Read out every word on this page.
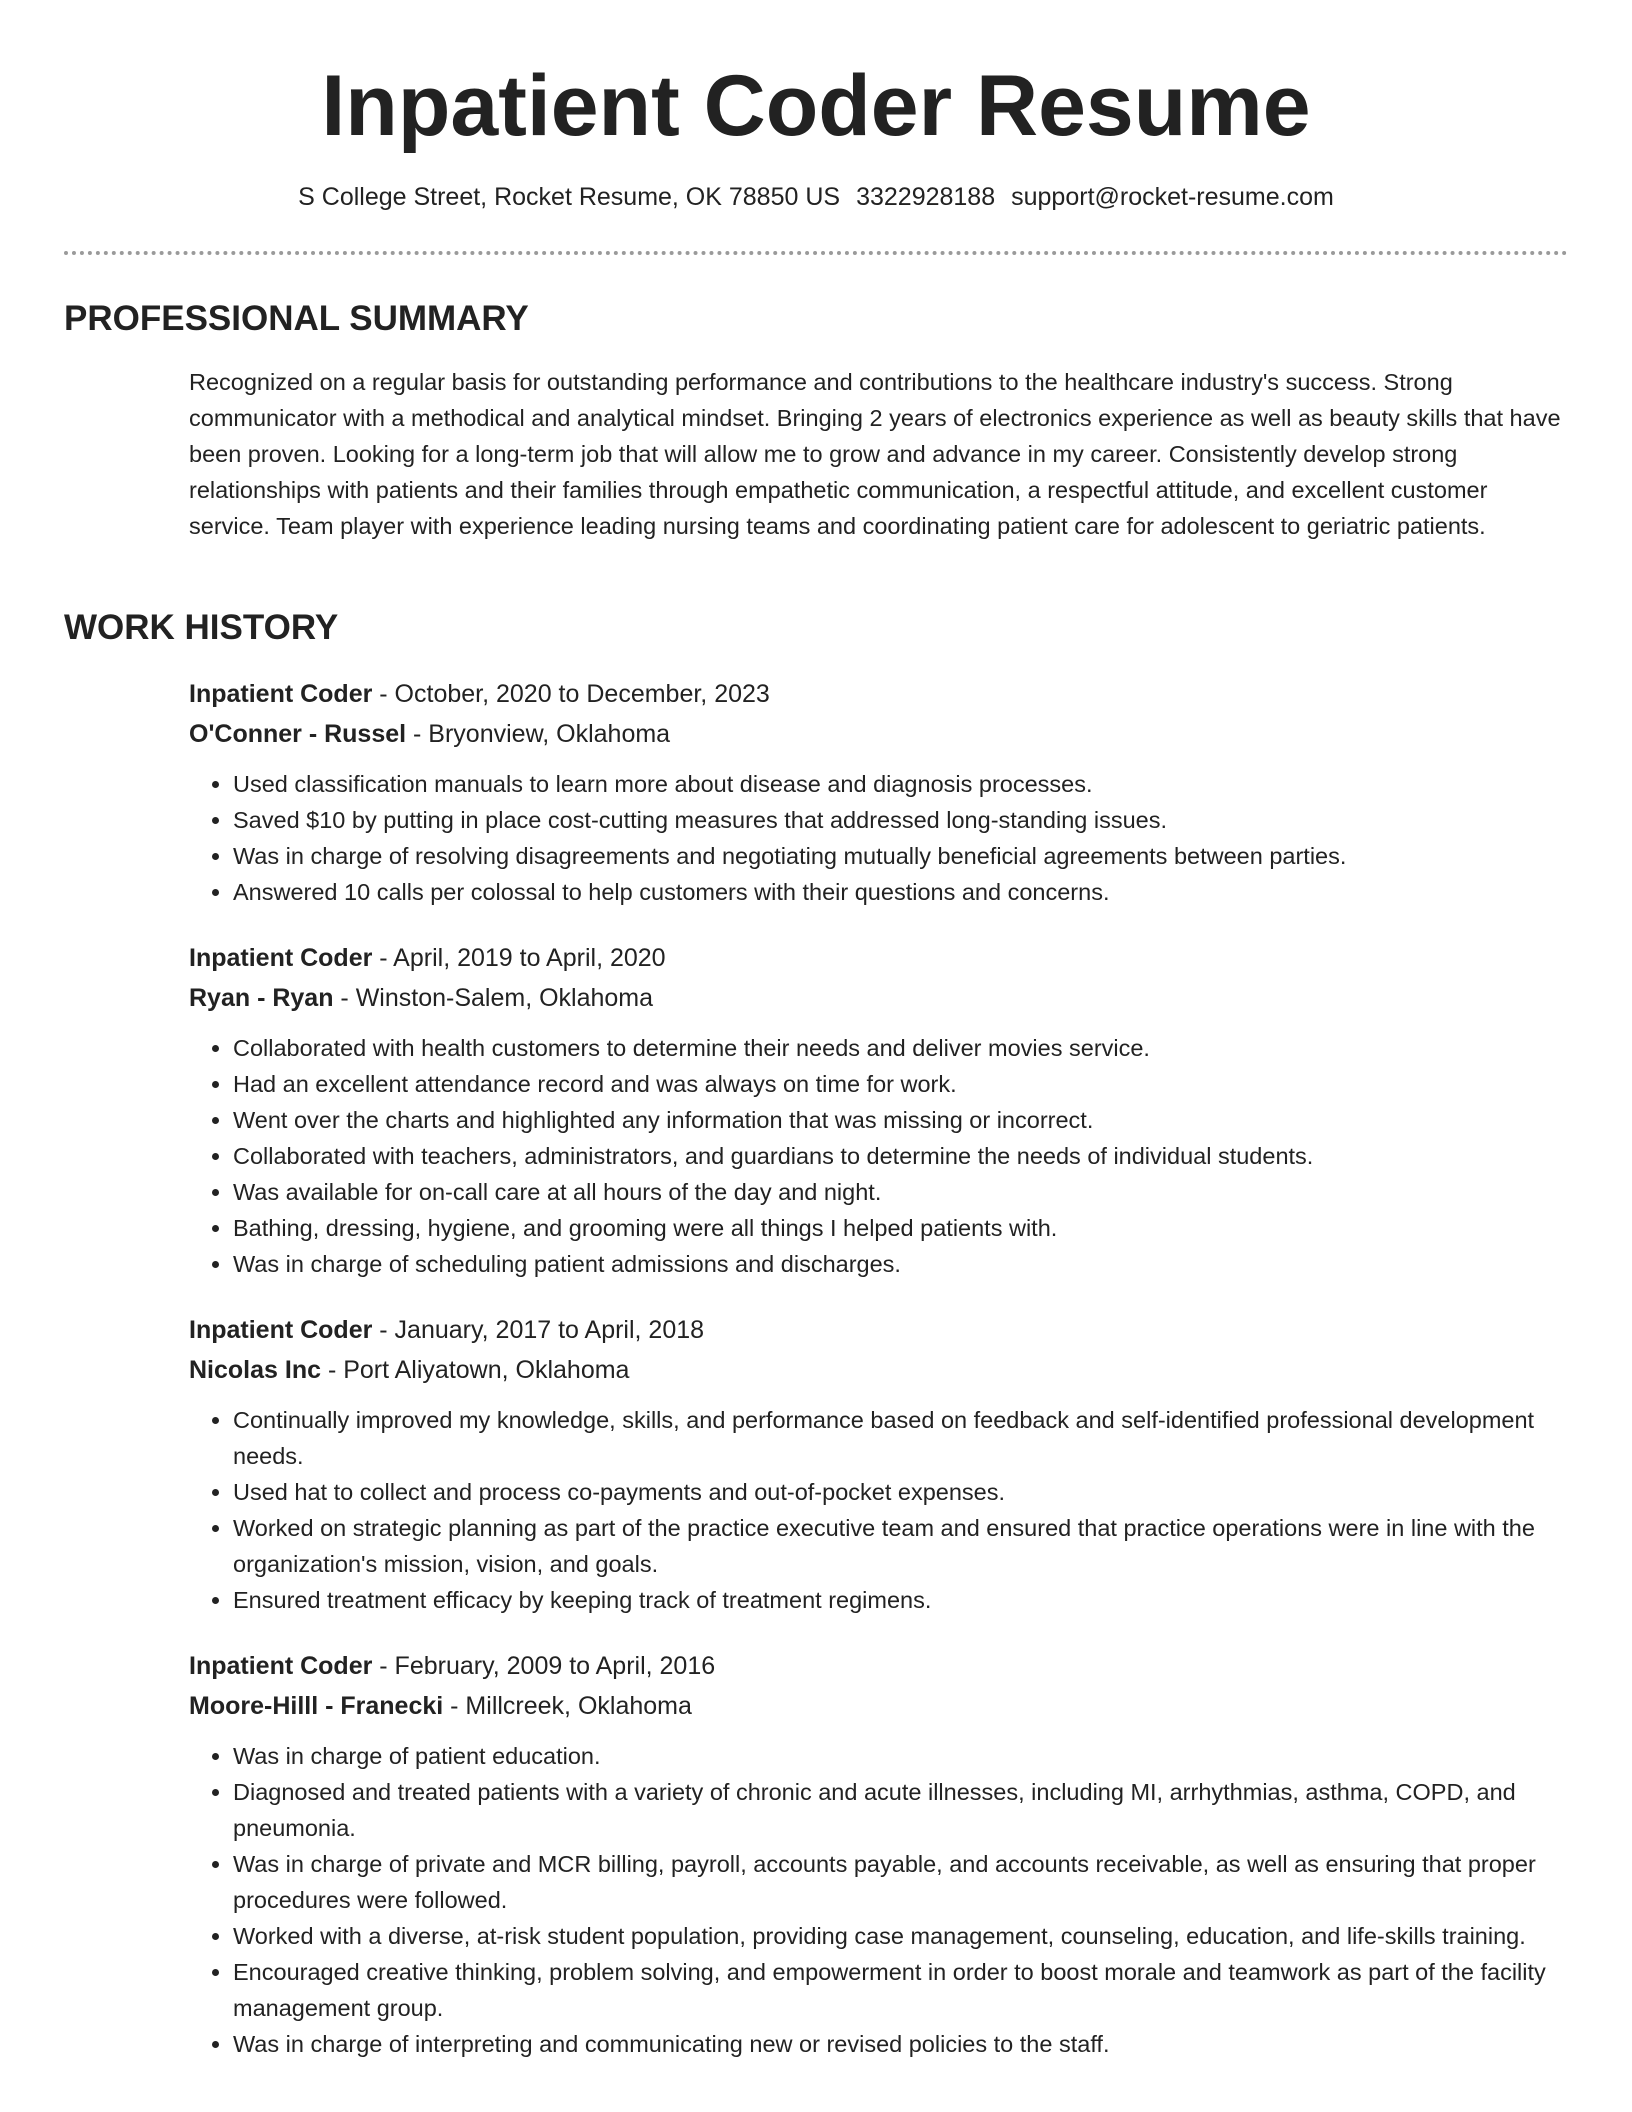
Inpatient Coder Resume
S College Street, Rocket Resume, OK 78850 US 3322928188 support@rocket-resume.com
PROFESSIONAL SUMMARY

Recognized on a regular basis for outstanding performance and contributions to the healthcare industry's success. Strong communicator with a methodical and analytical mindset. Bringing 2 years of electronics experience as well as beauty skills that have been proven. Looking for a long-term job that will allow me to grow and advance in my career. Consistently develop strong relationships with patients and their families through empathetic communication, a respectful attitude, and excellent customer service. Team player with experience leading nursing teams and coordinating patient care for adolescent to geriatric patients.

WORK HISTORY
Inpatient Coder - October, 2020 to December, 2023
O'Conner - Russel - Bryonview, Oklahoma
• Used classification manuals to learn more about disease and diagnosis processes.
• Saved $10 by putting in place cost-cutting measures that addressed long-standing issues.
• Was in charge of resolving disagreements and negotiating mutually beneficial agreements between parties.
• Answered 10 calls per colossal to help customers with their questions and concerns.
Inpatient Coder - April, 2019 to April, 2020
Ryan - Ryan - Winston-Salem, Oklahoma
• Collaborated with health customers to determine their needs and deliver movies service.
• Had an excellent attendance record and was always on time for work.
• Went over the charts and highlighted any information that was missing or incorrect.
• Collaborated with teachers, administrators, and guardians to determine the needs of individual students.
• Was available for on-call care at all hours of the day and night.
• Bathing, dressing, hygiene, and grooming were all things I helped patients with.
• Was in charge of scheduling patient admissions and discharges.
Inpatient Coder - January, 2017 to April, 2018
Nicolas Inc - Port Aliyatown, Oklahoma
• Continually improved my knowledge, skills, and performance based on feedback and self-identified professional development needs.
• Used hat to collect and process co-payments and out-of-pocket expenses.
• Worked on strategic planning as part of the practice executive team and ensured that practice operations were in line with the organization's mission, vision, and goals.
• Ensured treatment efficacy by keeping track of treatment regimens.
Inpatient Coder - February, 2009 to April, 2016
Moore-Hilll - Franecki - Millcreek, Oklahoma
• Was in charge of patient education.
• Diagnosed and treated patients with a variety of chronic and acute illnesses, including MI, arrhythmias, asthma, COPD, and pneumonia.
• Was in charge of private and MCR billing, payroll, accounts payable, and accounts receivable, as well as ensuring that proper procedures were followed.
• Worked with a diverse, at-risk student population, providing case management, counseling, education, and life-skills training.
• Encouraged creative thinking, problem solving, and empowerment in order to boost morale and teamwork as part of the facility management group.
• Was in charge of interpreting and communicating new or revised policies to the staff.
